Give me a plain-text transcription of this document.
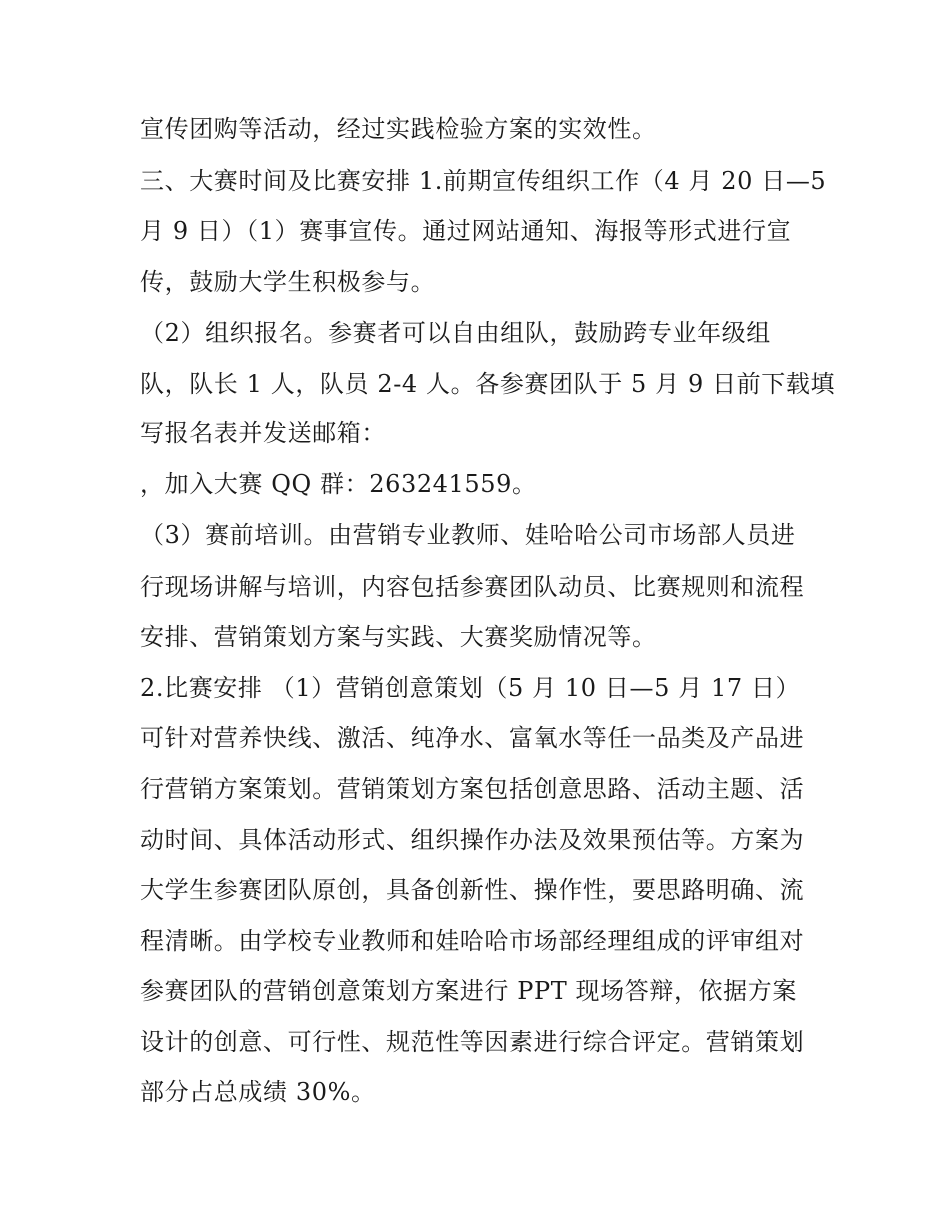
宣传团购等活动，经过实践检验方案的实效性。
三、大赛时间及比赛安排 1.前期宣传组织工作（4 月 20 日—5
月 9 日）（1）赛事宣传。通过网站通知、海报等形式进行宣
传，鼓励大学生积极参与。
（2）组织报名。参赛者可以自由组队，鼓励跨专业年级组
队，队长 1 人，队员 2-4 人。各参赛团队于 5 月 9 日前下载填
写报名表并发送邮箱：
，加入大赛 QQ 群：263241559。
（3）赛前培训。由营销专业教师、娃哈哈公司市场部人员进
行现场讲解与培训，内容包括参赛团队动员、比赛规则和流程
安排、营销策划方案与实践、大赛奖励情况等。
2.比赛安排 （1）营销创意策划（5 月 10 日—5 月 17 日）
可针对营养快线、激活、纯净水、富氧水等任一品类及产品进
行营销方案策划。营销策划方案包括创意思路、活动主题、活
动时间、具体活动形式、组织操作办法及效果预估等。方案为
大学生参赛团队原创，具备创新性、操作性，要思路明确、流
程清晰。由学校专业教师和娃哈哈市场部经理组成的评审组对
参赛团队的营销创意策划方案进行 PPT 现场答辩，依据方案
设计的创意、可行性、规范性等因素进行综合评定。营销策划
部分占总成绩 30%。
